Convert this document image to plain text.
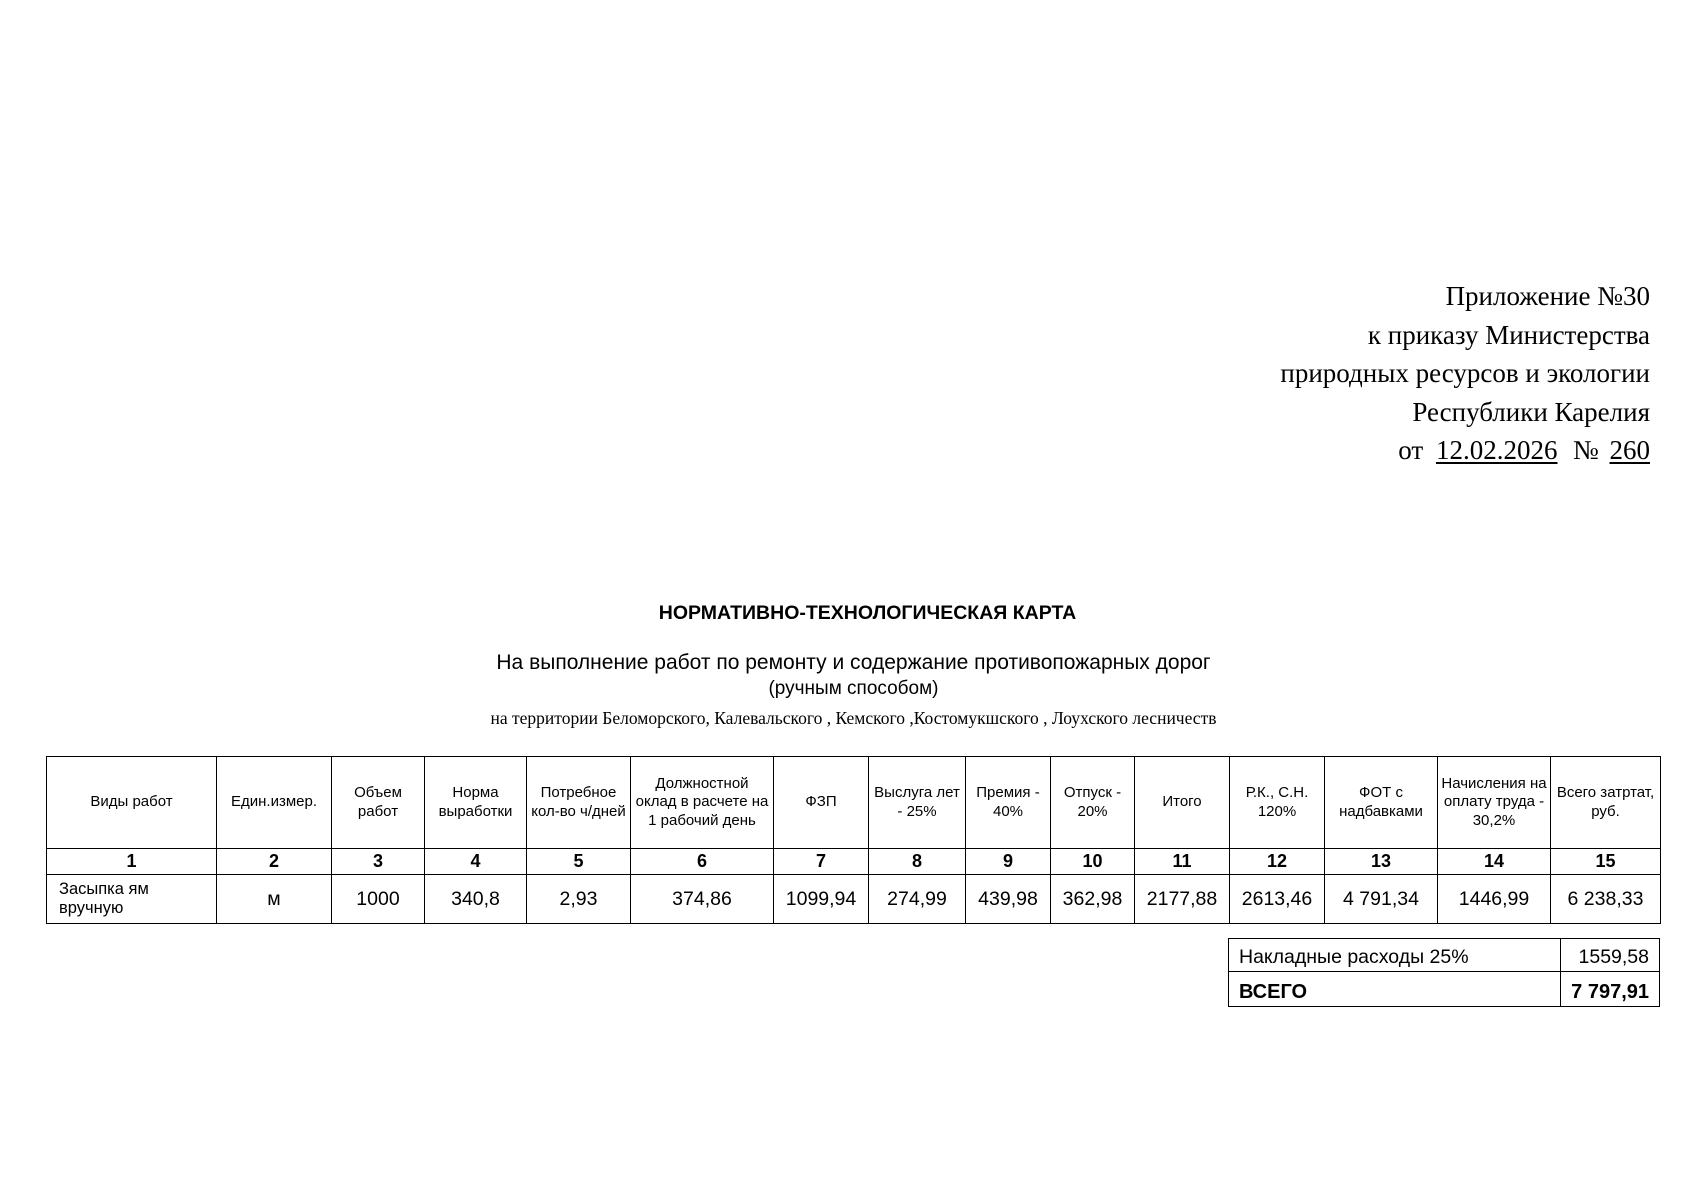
Приложение №30
к приказу Министерства
природных ресурсов и экологии
Республики Карелия
от 12.02.2026 № 260
НОРМАТИВНО-ТЕХНОЛОГИЧЕСКАЯ КАРТА
На выполнение работ по ремонту и содержание противопожарных дорог
(ручным способом)
на территории Беломорского, Калевальского , Кемского ,Костомукшского , Лоухского лесничеств
Виды работ	Един.измер.	Объем работ	Норма выработки	Потребное кол-во ч/дней	Должностной оклад в расчете на 1 рабочий день	ФЗП	Выслуга лет - 25%	Премия - 40%	Отпуск - 20%	Итого	Р.К., С.Н. 120%	ФОТ с надбавками	Начисления на оплату труда - 30,2%	Всего затртат, руб.
1	2	3	4	5	6	7	8	9	10	11	12	13	14	15
Засыпка ям вручную	м	1000	340,8	2,93	374,86	1099,94	274,99	439,98	362,98	2177,88	2613,46	4 791,34	1446,99	6 238,33
Накладные расходы 25%	1559,58
ВСЕГО	7 797,91
